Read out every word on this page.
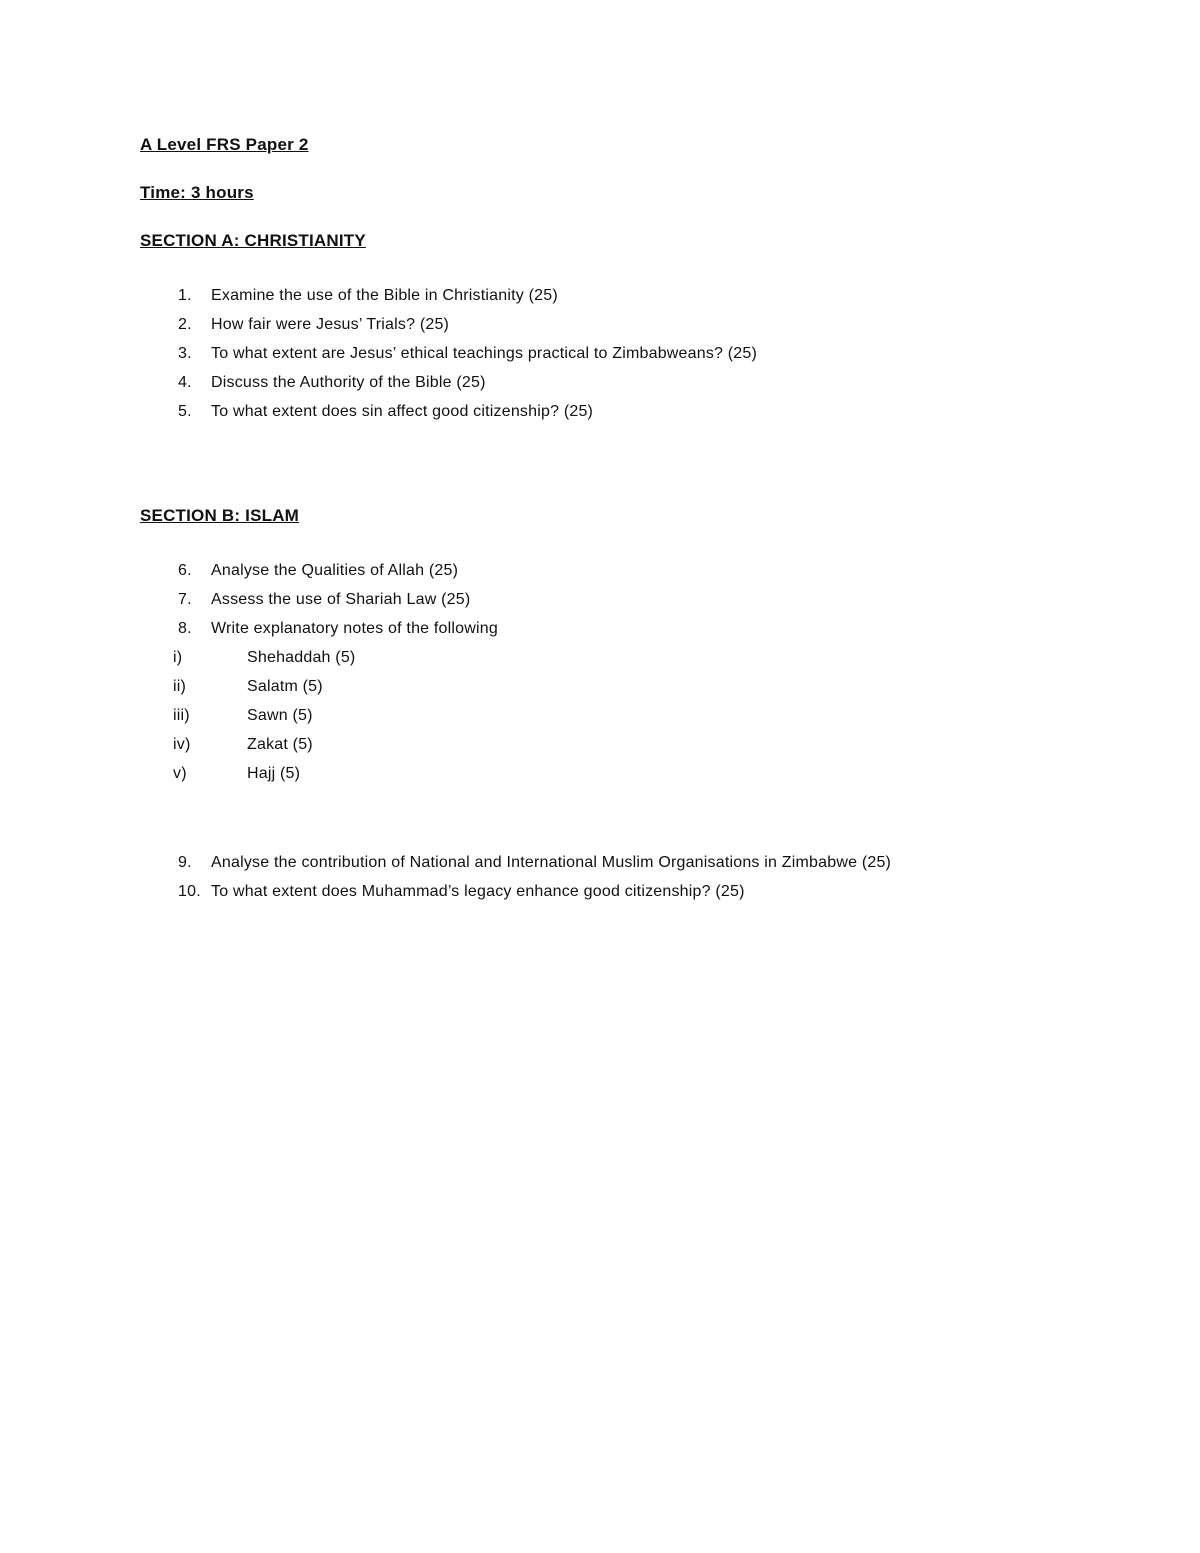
A Level FRS Paper 2
Time: 3 hours
SECTION A: CHRISTIANITY
1.	Examine the use of the Bible in Christianity (25)
2.	How fair were Jesus’ Trials? (25)
3.	To what extent are Jesus’ ethical teachings practical to Zimbabweans? (25)
4.	Discuss the Authority of the Bible (25)
5.	To what extent does sin affect good citizenship? (25)
SECTION B: ISLAM
6.	Analyse the Qualities of Allah (25)
7.	Assess the use of Shariah Law (25)
8.	Write explanatory notes of the following
i)	Shehaddah (5)
ii)	Salatm (5)
iii)	Sawn (5)
iv)	Zakat (5)
v)	Hajj (5)
9.	Analyse the contribution of National and International Muslim Organisations in Zimbabwe (25)
10. To what extent does Muhammad’s legacy enhance good citizenship? (25)
